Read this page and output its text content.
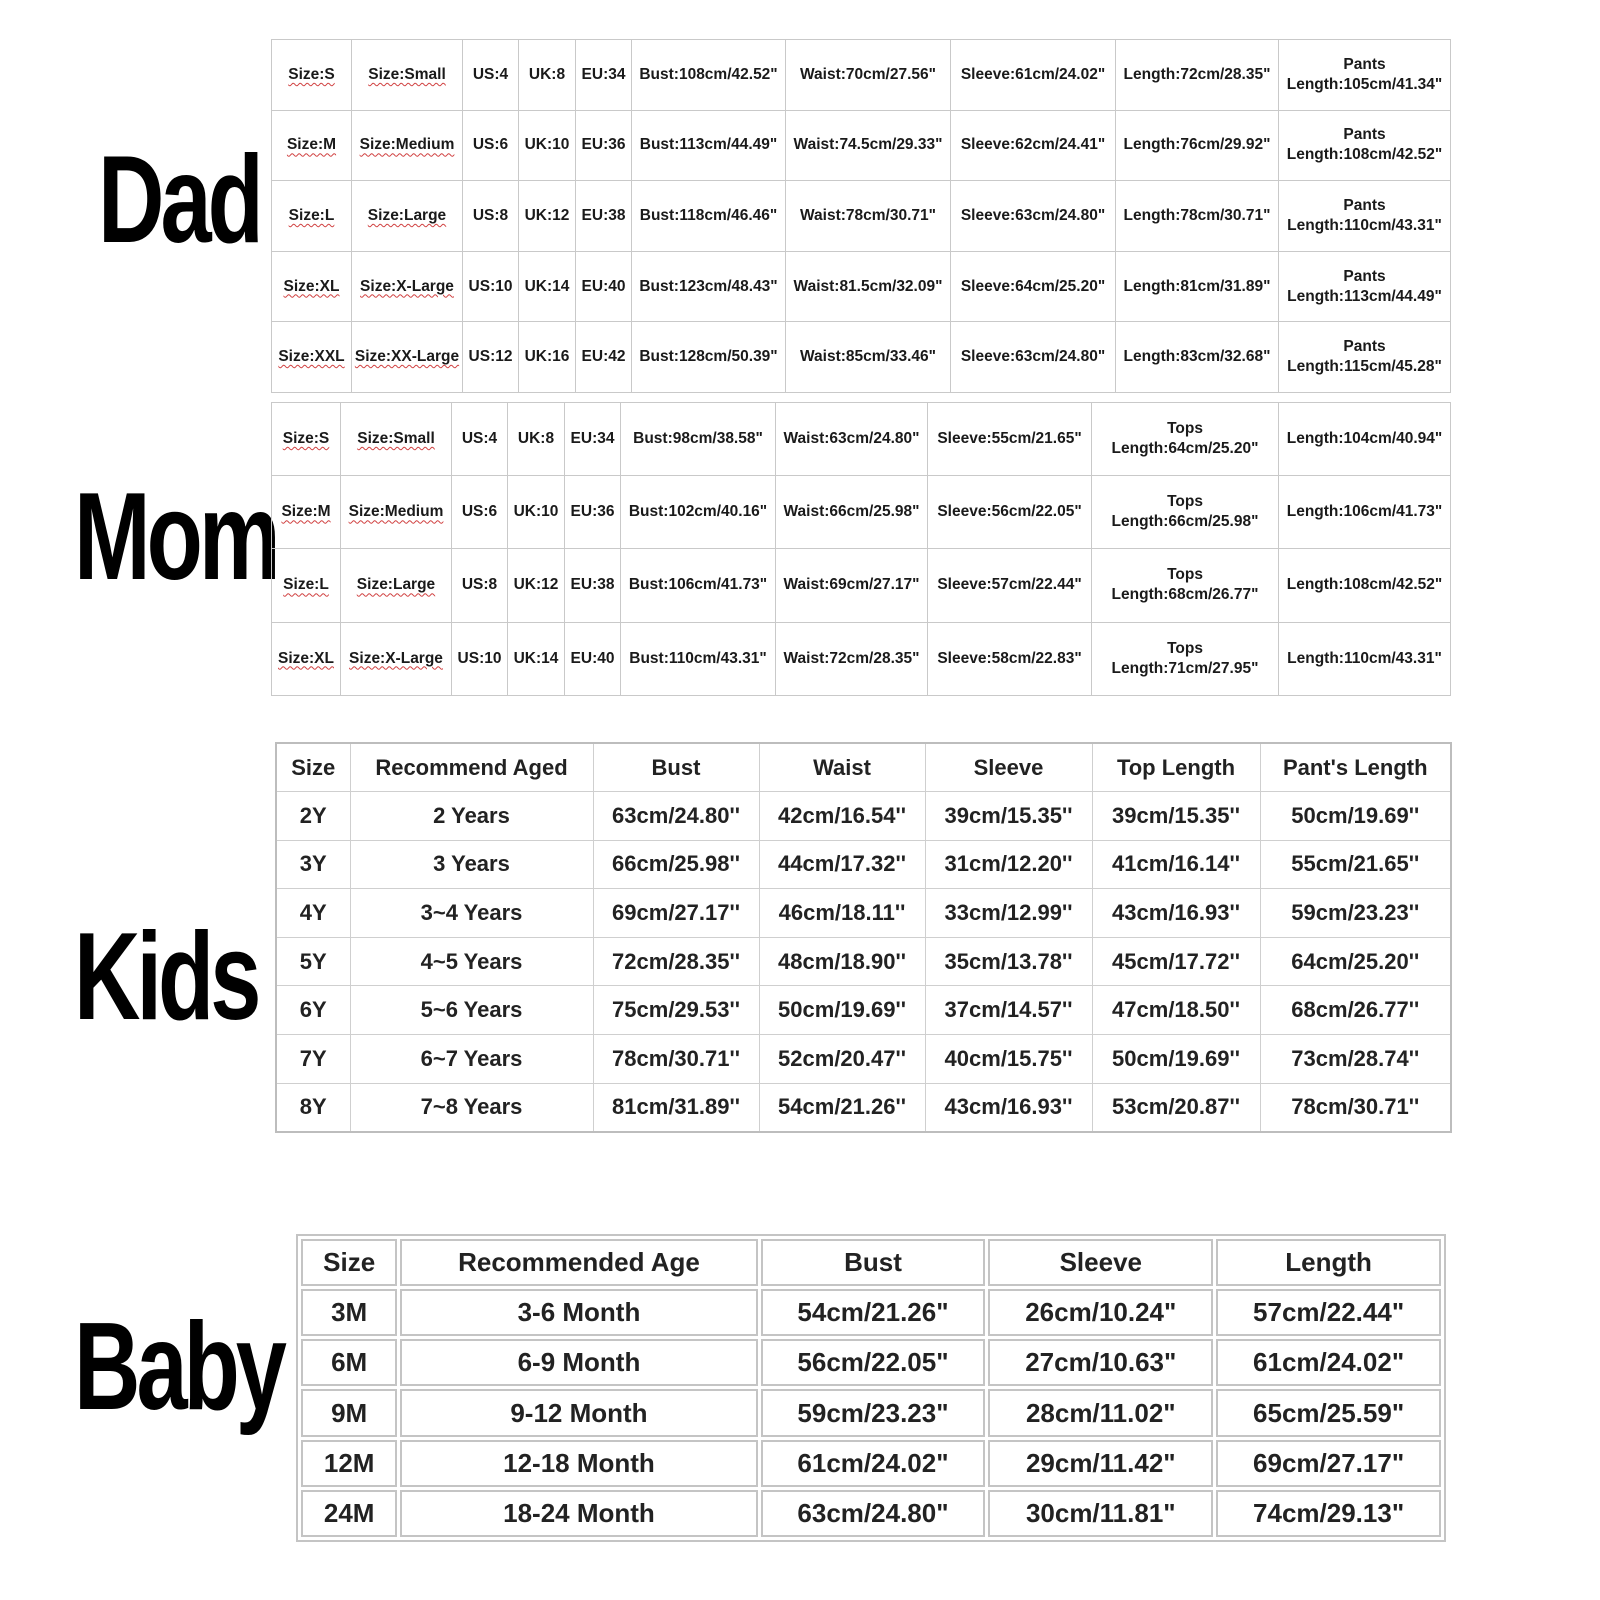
Dad
Mom
Kids
Baby
Size:S	Size:Small	US:4	UK:8	EU:34	Bust:108cm/42.52"	Waist:70cm/27.56"	Sleeve:61cm/24.02"	Length:72cm/28.35"	Pants Length:105cm/41.34"
Size:M	Size:Medium	US:6	UK:10	EU:36	Bust:113cm/44.49"	Waist:74.5cm/29.33"	Sleeve:62cm/24.41"	Length:76cm/29.92"	Pants Length:108cm/42.52"
Size:L	Size:Large	US:8	UK:12	EU:38	Bust:118cm/46.46"	Waist:78cm/30.71"	Sleeve:63cm/24.80"	Length:78cm/30.71"	Pants Length:110cm/43.31"
Size:XL	Size:X-Large	US:10	UK:14	EU:40	Bust:123cm/48.43"	Waist:81.5cm/32.09"	Sleeve:64cm/25.20"	Length:81cm/31.89"	Pants Length:113cm/44.49"
Size:XXL	Size:XX-Large	US:12	UK:16	EU:42	Bust:128cm/50.39"	Waist:85cm/33.46"	Sleeve:63cm/24.80"	Length:83cm/32.68"	Pants Length:115cm/45.28"
Size:S	Size:Small	US:4	UK:8	EU:34	Bust:98cm/38.58"	Waist:63cm/24.80"	Sleeve:55cm/21.65"	Tops Length:64cm/25.20"	Length:104cm/40.94"
Size:M	Size:Medium	US:6	UK:10	EU:36	Bust:102cm/40.16"	Waist:66cm/25.98"	Sleeve:56cm/22.05"	Tops Length:66cm/25.98"	Length:106cm/41.73"
Size:L	Size:Large	US:8	UK:12	EU:38	Bust:106cm/41.73"	Waist:69cm/27.17"	Sleeve:57cm/22.44"	Tops Length:68cm/26.77"	Length:108cm/42.52"
Size:XL	Size:X-Large	US:10	UK:14	EU:40	Bust:110cm/43.31"	Waist:72cm/28.35"	Sleeve:58cm/22.83"	Tops Length:71cm/27.95"	Length:110cm/43.31"
Size	Recommend Aged	Bust	Waist	Sleeve	Top Length	Pant's Length
2Y	2 Years	63cm/24.80''	42cm/16.54''	39cm/15.35''	39cm/15.35''	50cm/19.69''
3Y	3 Years	66cm/25.98''	44cm/17.32''	31cm/12.20''	41cm/16.14''	55cm/21.65''
4Y	3~4 Years	69cm/27.17''	46cm/18.11''	33cm/12.99''	43cm/16.93''	59cm/23.23''
5Y	4~5 Years	72cm/28.35''	48cm/18.90''	35cm/13.78''	45cm/17.72''	64cm/25.20''
6Y	5~6 Years	75cm/29.53''	50cm/19.69''	37cm/14.57''	47cm/18.50''	68cm/26.77''
7Y	6~7 Years	78cm/30.71''	52cm/20.47''	40cm/15.75''	50cm/19.69''	73cm/28.74''
8Y	7~8 Years	81cm/31.89''	54cm/21.26''	43cm/16.93''	53cm/20.87''	78cm/30.71''
Size	Recommended Age	Bust	Sleeve	Length
3M	3-6 Month	54cm/21.26"	26cm/10.24"	57cm/22.44"
6M	6-9 Month	56cm/22.05"	27cm/10.63"	61cm/24.02"
9M	9-12 Month	59cm/23.23"	28cm/11.02"	65cm/25.59"
12M	12-18 Month	61cm/24.02"	29cm/11.42"	69cm/27.17"
24M	18-24 Month	63cm/24.80"	30cm/11.81"	74cm/29.13"
